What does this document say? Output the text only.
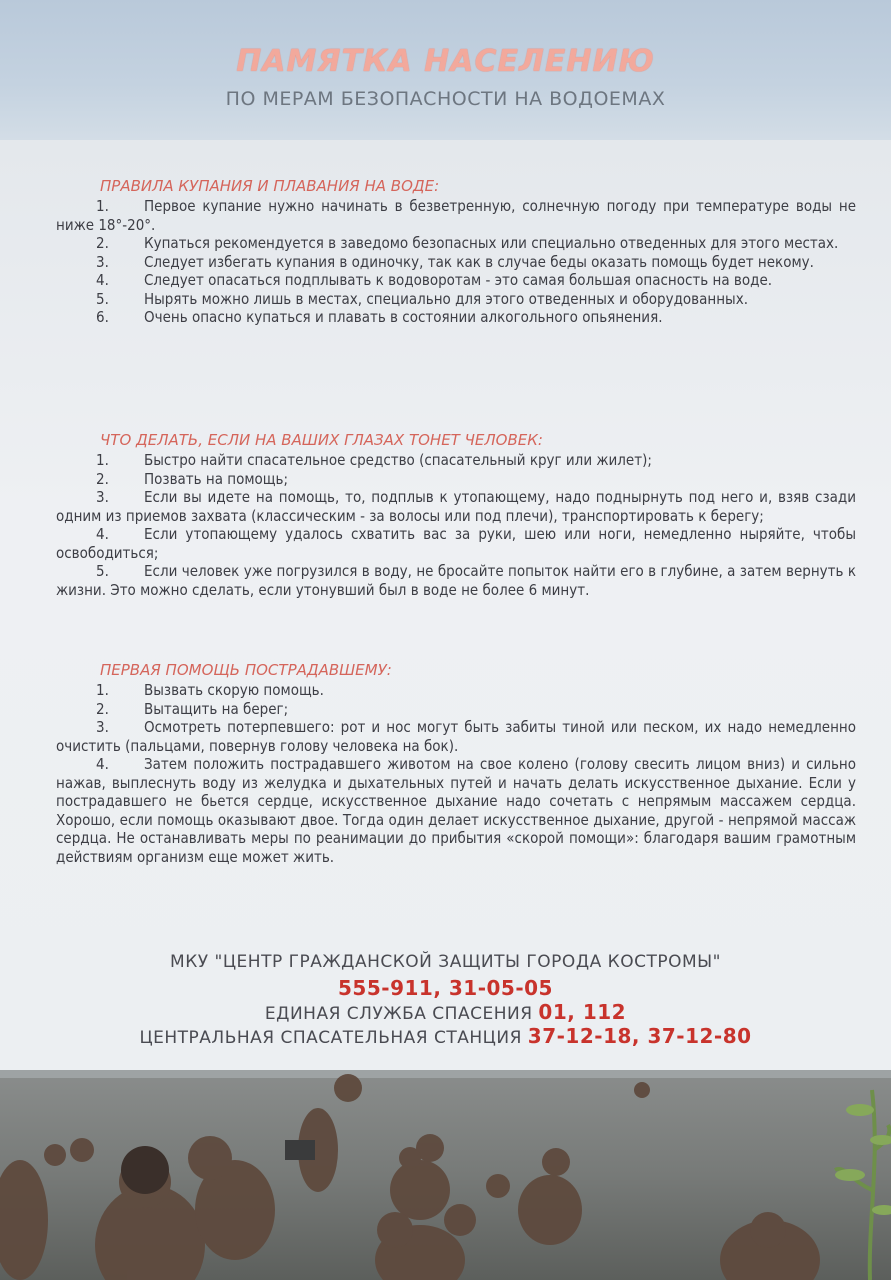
ПАМЯТКА НАСЕЛЕНИЮ
ПО МЕРАМ БЕЗОПАСНОСТИ НА ВОДОЕМАХ
ПРАВИЛА КУПАНИЯ И ПЛАВАНИЯ НА ВОДЕ:
1. Первое купание нужно начинать в безветренную, солнечную погоду при температуре воды не ниже 18°-20°.
2. Купаться рекомендуется в заведомо безопасных или специально отведенных для этого местах.
3. Следует избегать купания в одиночку, так как в случае беды оказать помощь будет некому.
4. Следует опасаться подплывать к водоворотам - это самая большая опасность на воде.
5. Нырять можно лишь в местах, специально для этого отведенных и оборудованных.
6. Очень опасно купаться и плавать в состоянии алкогольного опьянения.
ЧТО ДЕЛАТЬ, ЕСЛИ НА ВАШИХ ГЛАЗАХ ТОНЕТ ЧЕЛОВЕК:
1. Быстро найти спасательное средство (спасательный круг или жилет);
2. Позвать на помощь;
3. Если вы идете на помощь, то, подплыв к утопающему, надо поднырнуть под него и, взяв сзади одним из приемов захвата (классическим - за волосы или под плечи), транспортировать к берегу;
4. Если утопающему удалось схватить вас за руки, шею или ноги, немедленно ныряйте, чтобы освободиться;
5. Если человек уже погрузился в воду, не бросайте попыток найти его в глубине, а затем вернуть к жизни. Это можно сделать, если утонувший был в воде не более 6 минут.
ПЕРВАЯ ПОМОЩЬ ПОСТРАДАВШЕМУ:
1. Вызвать скорую помощь.
2. Вытащить на берег;
3. Осмотреть потерпевшего: рот и нос могут быть забиты тиной или песком, их надо немедленно очистить (пальцами, повернув голову человека на бок).
4. Затем положить пострадавшего животом на свое колено (голову свесить лицом вниз) и сильно нажав, выплеснуть воду из желудка и дыхательных путей и начать делать искусственное дыхание. Если у пострадавшего не бьется сердце, искусственное дыхание надо сочетать с непрямым массажем сердца. Хорошо, если помощь оказывают двое. Тогда один делает искусственное дыхание, другой - непрямой массаж сердца. Не останавливать меры по реанимации до прибытия «скорой помощи»: благодаря вашим грамотным действиям организм еще может жить.
МКУ "ЦЕНТР ГРАЖДАНСКОЙ ЗАЩИТЫ ГОРОДА КОСТРОМЫ"
555-911, 31-05-05
ЕДИНАЯ СЛУЖБА СПАСЕНИЯ 01, 112
ЦЕНТРАЛЬНАЯ СПАСАТЕЛЬНАЯ СТАНЦИЯ 37-12-18, 37-12-80
